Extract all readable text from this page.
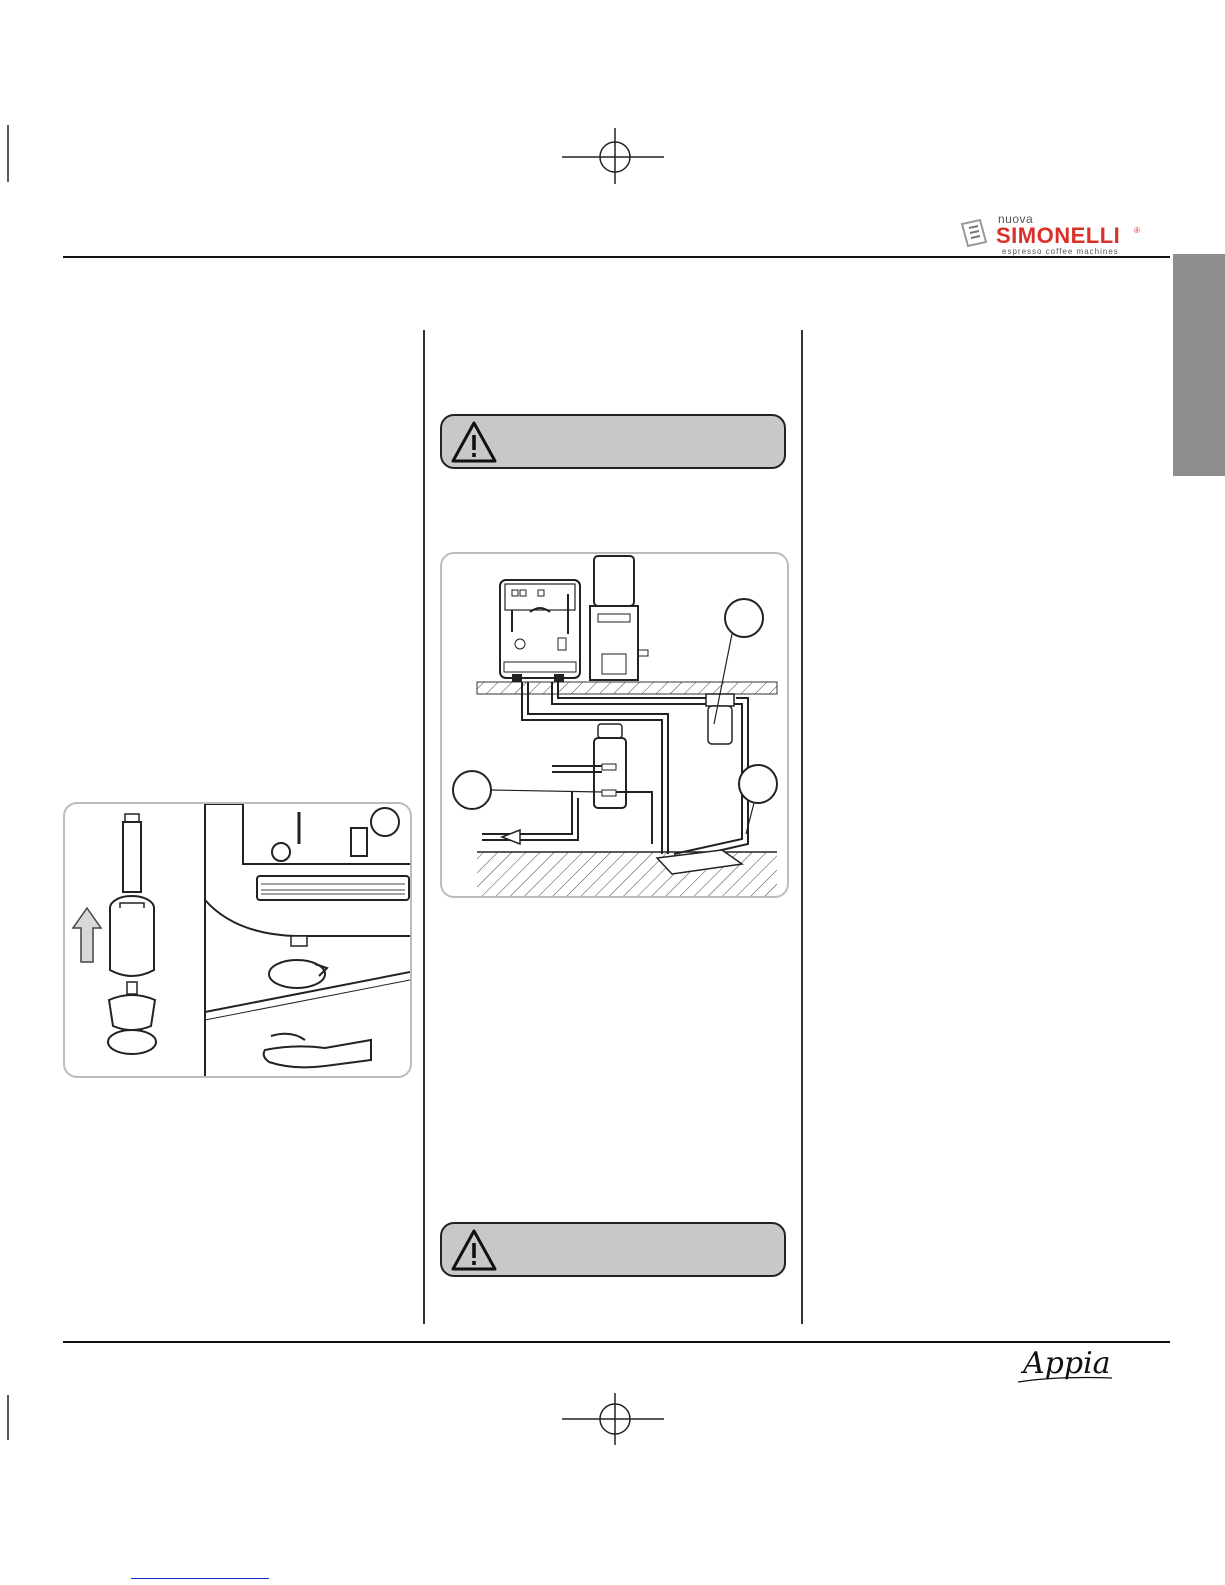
nuova
SIMONELLI ®
espresso coffee machines
Appia
